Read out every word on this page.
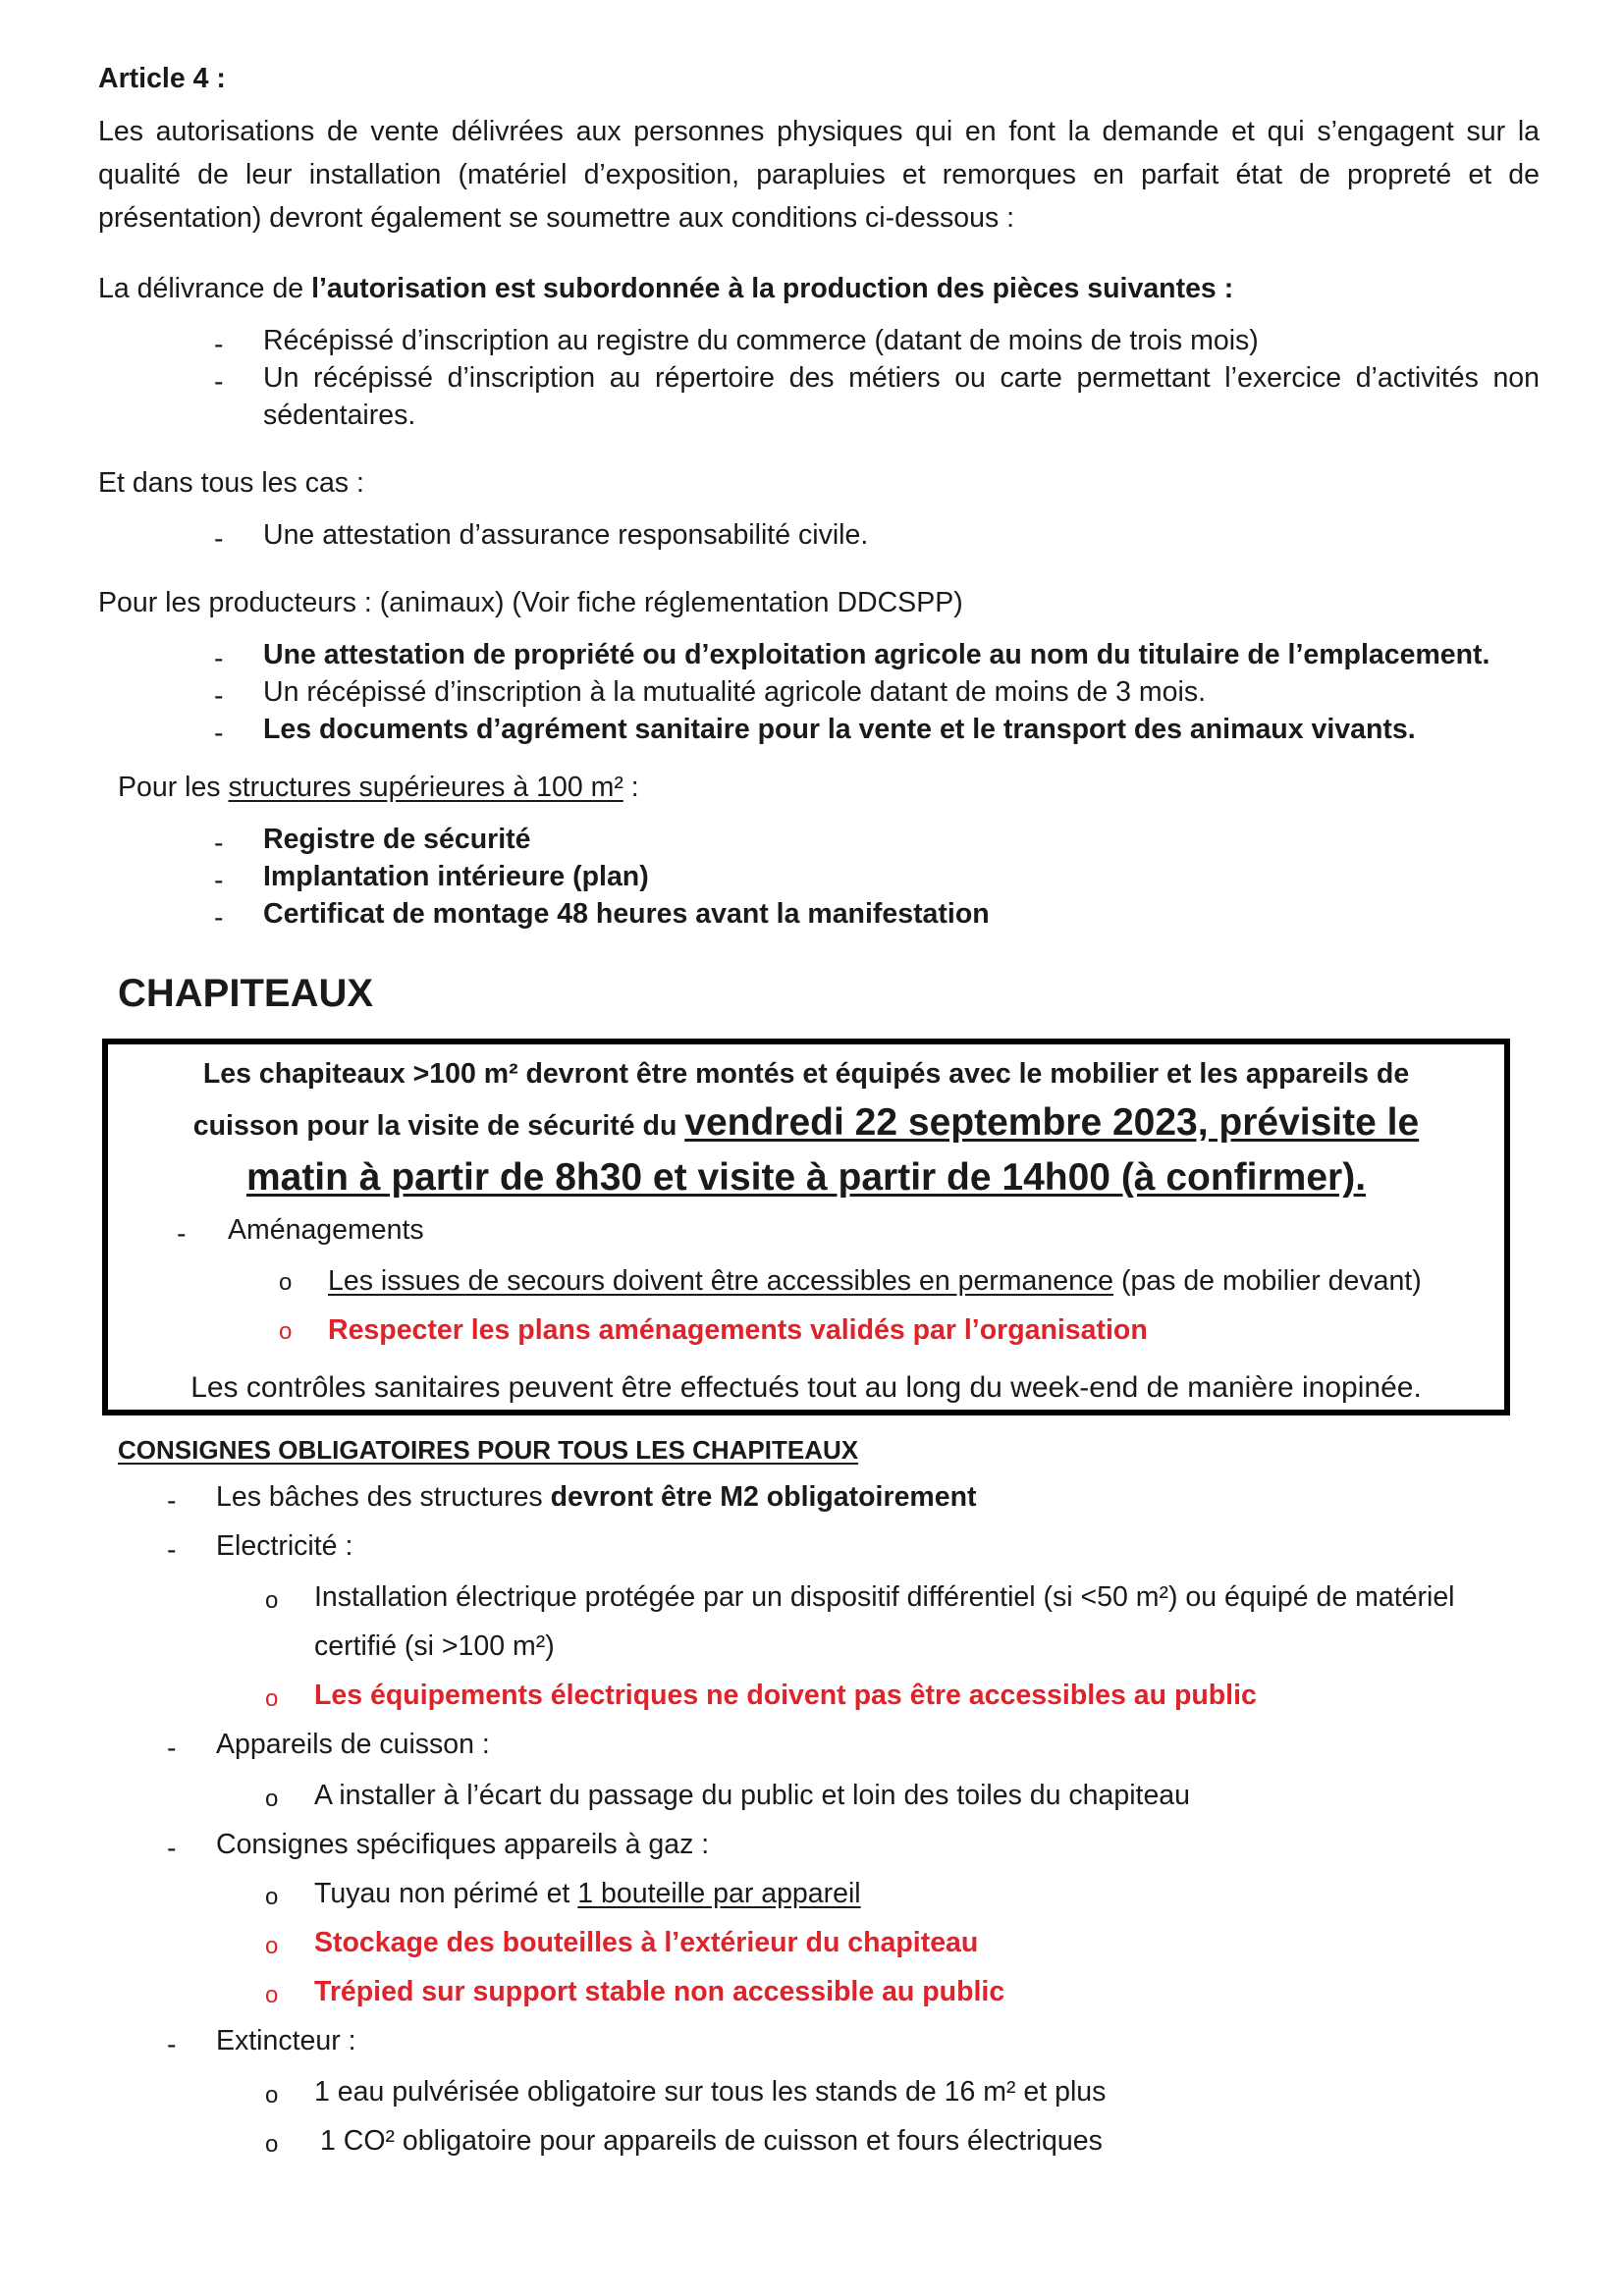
Article 4 :
Les autorisations de vente délivrées aux personnes physiques qui en font la demande et qui s’engagent sur la qualité de leur installation (matériel d’exposition, parapluies et remorques en parfait état de propreté et de présentation) devront également se soumettre aux conditions ci-dessous :
La délivrance de l’autorisation est subordonnée à la production des pièces suivantes :
- Récépissé d’inscription au registre du commerce (datant de moins de trois mois)
- Un récépissé d’inscription au répertoire des métiers ou carte permettant l’exercice d’activités non sédentaires.
Et dans tous les cas :
- Une attestation d’assurance responsabilité civile.
Pour les producteurs : (animaux) (Voir fiche réglementation DDCSPP)
- Une attestation de propriété ou d’exploitation agricole au nom du titulaire de l’emplacement.
- Un récépissé d’inscription à la mutualité agricole datant de moins de 3 mois.
- Les documents d’agrément sanitaire pour la vente et le transport des animaux vivants.
Pour les structures supérieures à 100 m² :
- Registre de sécurité
- Implantation intérieure (plan)
- Certificat de montage 48 heures avant la manifestation
CHAPITEAUX
Les chapiteaux >100 m² devront être montés et équipés avec le mobilier et les appareils de
cuisson pour la visite de sécurité du vendredi 22 septembre 2023, prévisite le
matin à partir de 8h30 et visite à partir de 14h00 (à confirmer).
- Aménagements
o Les issues de secours doivent être accessibles en permanence (pas de mobilier devant)
o Respecter les plans aménagements validés par l’organisation
Les contrôles sanitaires peuvent être effectués tout au long du week-end de manière inopinée.
CONSIGNES OBLIGATOIRES POUR TOUS LES CHAPITEAUX
- Les bâches des structures devront être M2 obligatoirement
- Electricité :
o Installation électrique protégée par un dispositif différentiel (si <50 m²) ou équipé de matériel
certifié (si >100 m²)
o Les équipements électriques ne doivent pas être accessibles au public
- Appareils de cuisson :
o A installer à l’écart du passage du public et loin des toiles du chapiteau
- Consignes spécifiques appareils à gaz :
o Tuyau non périmé et 1 bouteille par appareil
o Stockage des bouteilles à l’extérieur du chapiteau
o Trépied sur support stable non accessible au public
- Extincteur :
o 1 eau pulvérisée obligatoire sur tous les stands de 16 m² et plus
o 1 CO² obligatoire pour appareils de cuisson et fours électriques
